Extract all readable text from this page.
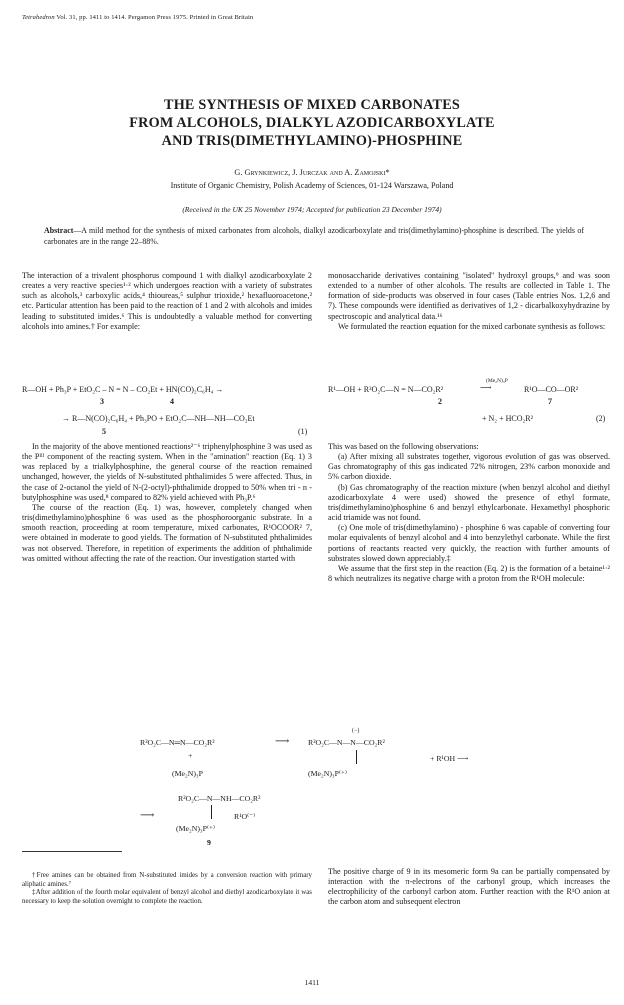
Tetrahedron Vol. 31, pp. 1411 to 1414. Pergamon Press 1975. Printed in Great Britain
THE SYNTHESIS OF MIXED CARBONATES
FROM ALCOHOLS, DIALKYL AZODICARBOXYLATE
AND TRIS(DIMETHYLAMINO)-PHOSPHINE
G. Grynkiewicz, J. Jurczak and A. Zamojski*
Institute of Organic Chemistry, Polish Academy of Sciences, 01-124 Warszawa, Poland
(Received in the UK 25 November 1974; Accepted for publication 23 December 1974)
Abstract—A mild method for the synthesis of mixed carbonates from alcohols, dialkyl azodicarboxylate and tris(dimethylamino)-phosphine is described. The yields of carbonates are in the range 22–88%.

The interaction of a trivalent phosphorus compound 1 with dialkyl azodicarboxylate 2 creates a very reactive species¹·² which undergoes reaction with a variety of substrates such as alcohols,³ carboxylic acids,⁴ thioureas,⁵ sulphur trioxide,² hexafluoroacetone,² etc. Particular attention has been paid to the reaction of 1 and 2 with alcohols and imides leading to substituted imides.⁶ This is undoubtedly a valuable method for converting alcohols into amines.† For example:

R—OH + Ph₃P + EtO₂C – N = N – CO₂Et + HN(CO)₂C₆H₄ →
3	4
→ R—N(CO)₂C₆H₄ + Ph₃PO + EtO₂C—NH—NH—CO₂Et
5	(1)

In the majority of the above mentioned reactions²⁻⁶ triphenylphosphine 3 was used as the Pᴵᴵᴵ component of the reacting system. When in the "amination" reaction (Eq. 1) 3 was replaced by a trialkylphosphine, the general course of the reaction remained unchanged, however, the yields of N-substituted phthalimides 5 were affected. Thus, in the case of 2-octanol the yield of N-(2-octyl)-phthalimide dropped to 50% when tri - n - butylphosphine was used,⁸ compared to 82% yield achieved with Ph₃P.⁶

The course of the reaction (Eq. 1) was, however, completely changed when tris(dimethylamino)phosphine 6 was used as the phosphoroorganic substrate. In a smooth reaction, proceeding at room temperature, mixed carbonates, R¹OCOOR² 7, were obtained in moderate to good yields. The formation of N-substituted phthalimides was not observed. Therefore, in repetition of experiments the addition of phthalimide was omitted without affecting the rate of the reaction. Our investigation started with

monosaccharide derivatives containing "isolated" hydroxyl groups,⁹ and was soon extended to a number of other alcohols. The results are collected in Table 1. The formation of side-products was observed in four cases (Table entries Nos. 1,2,6 and 7). These compounds were identified as derivatives of 1,2 - dicarbalkoxyhydrazine by spectroscopic and analytical data.¹⁶

We formulated the reaction equation for the mixed carbonate synthesis as follows:

R¹—OH + R²O₂C—N = N—CO₂R²
(Me₂N)₃P
⟶	R¹O—CO—OR²
2	7
+ N₂ + HCO₂R²	(2)

This was based on the following observations:

(a) After mixing all substrates together, vigorous evolution of gas was observed. Gas chromatography of this gas indicated 72% nitrogen, 23% carbon monoxide and 5% carbon dioxide.

(b) Gas chromatography of the reaction mixture (when benzyl alcohol and diethyl azodicarboxylate 4 were used) showed the presence of ethyl formate, tris(dimethylamino)phosphine 6 and benzyl ethylcarbonate. Hexamethyl phosphoric acid triamide was not found.

(c) One mole of tris(dimethylamino) - phosphine 6 was capable of converting four molar equivalents of benzyl alcohol and 4 into benzylethyl carbonate. While the first portions of reactants reacted very quickly, the reaction with further amounts of substrates slowed down appreciably.‡

We assume that the first step in the reaction (Eq. 2) is the formation of a betaine¹·² 8 which neutralizes its negative charge with a proton from the R¹OH molecule:

R²O₂C—N═N—CO₂R²	⟶ R²O₂C—N—N—CO₂R²
(−)
+	+ R¹OH ⟶
(Me₂N)₃P	(Me₂N)₃P⁽⁺⁾
R²O₂C—N—NH—CO₂R²
⟶	R¹O⁽⁻⁾
(Me₂N)₃P⁽⁺⁾
9

†Free amines can be obtained from N-substituted imides by a conversion reaction with primary aliphatic amines.⁷

‡After addition of the fourth molar equivalent of benzyl alcohol and diethyl azodicarboxylate it was necessary to keep the solution overnight to complete the reaction.

The positive charge of 9 in its mesomeric form 9a can be partially compensated by interaction with the π-electrons of the carbonyl group, which increases the electrophilicity of the carbonyl carbon atom. Further reaction with the R¹O anion at the carbon atom and subsequent electron

1411
